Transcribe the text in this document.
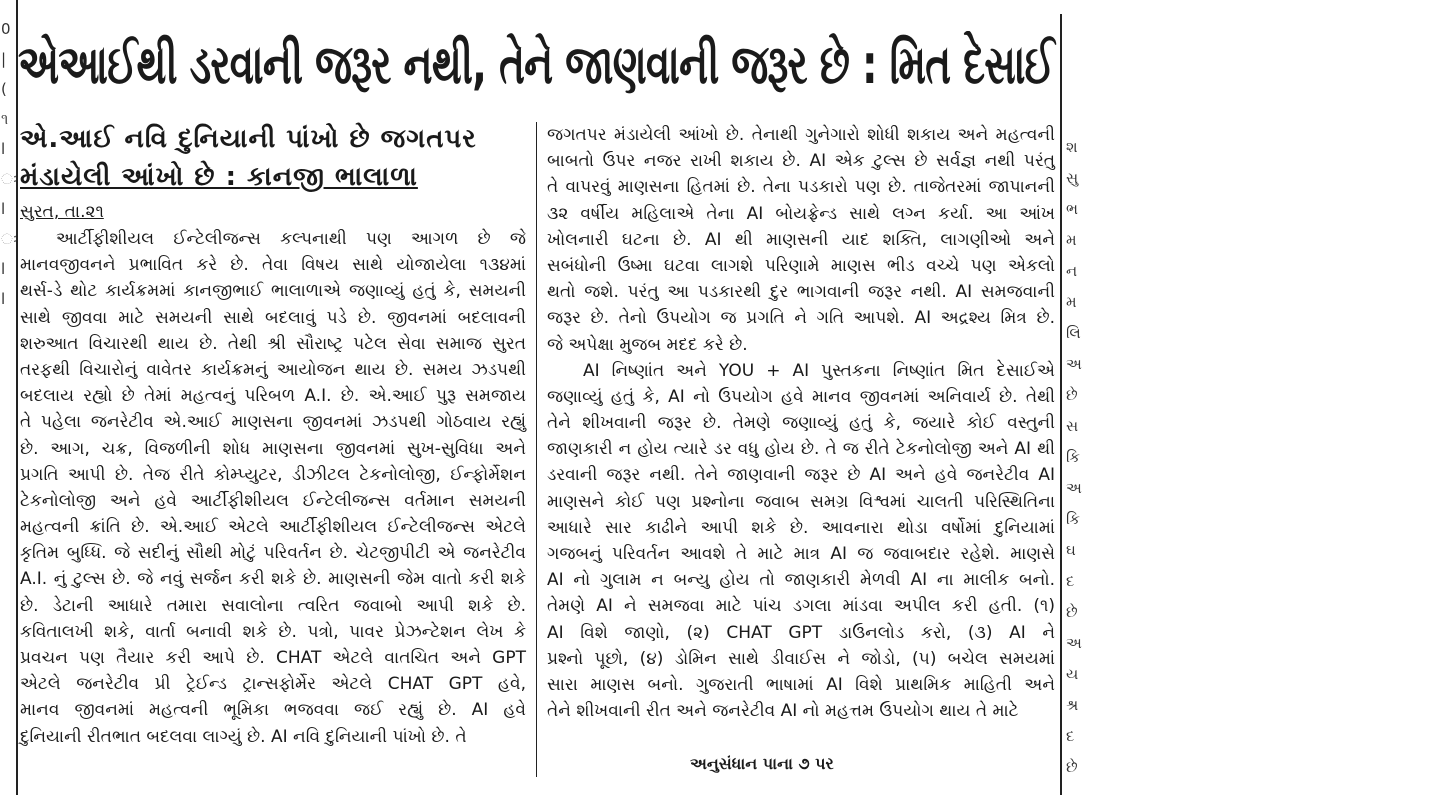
0
|
(
૧
l
ઃ
l
ઃ
l
l
શ
સુ
ભ
મ
ન
મ
લિ
અ
છે
સ
કિ
અ
કિ
ઘ
દ
છે
અ
ય
શ્ર
દ
છે
એઆઈથી ડરવાની જરૂર નથી, તેને જાણવાની જરૂર છે : મિત દેસાઈ
એ.આઈ નવિ દુનિયાની પાંખો છે જગતપર
મંડાયેલી આંખો છે : કાનજી ભાલાળા
સુરત, તા.૨૧
આર્ટીફીશીયલ ઈન્ટેલીજન્સ કલ્પનાથી પણ આગળ છે જે
માનવજીવનને પ્રભાવિત કરે છે. તેવા વિષય સાથે યોજાયેલા ૧૩૪માં
થર્સ-ડે થોટ કાર્યક્રમમાં કાનજીભાઈ ભાલાળાએ જણાવ્યું હતું કે, સમયની
સાથે જીવવા માટે સમયની સાથે બદલાવું પડે છે. જીવનમાં બદલાવની
શરુઆત વિચારથી થાય છે. તેથી શ્રી સૌરાષ્ટ્ર પટેલ સેવા સમાજ સુરત
તરફથી વિચારોનું વાવેતર કાર્યક્રમનું આયોજન થાય છે. સમય ઝડપથી
બદલાય રહ્યો છે તેમાં મહત્વનું પરિબળ A.I. છે. એ.આઈ પુરૂ સમજાય
તે પહેલા જનરેટીવ એ.આઈ માણસના જીવનમાં ઝડપથી ગોઠવાય રહ્યું
છે. આગ, ચક્ર, વિજળીની શોધ માણસના જીવનમાં સુખ-સુવિધા અને
પ્રગતિ આપી છે. તેજ રીતે કોમ્પ્યુટર, ડીઝીટલ ટેકનોલોજી, ઈન્ફોર્મેશન
ટેકનોલોજી અને હવે આર્ટીફીશીયલ ઈન્ટેલીજન્સ વર્તમાન સમયની
મહત્વની ક્રાંતિ છે. એ.આઈ એટલે આર્ટીફીશીયલ ઈન્ટેલીજન્સ એટલે
કૃતિમ બુધ્ધિ. જે સદીનું સૌથી મોટું પરિવર્તન છે. ચેટજીપીટી એ જનરેટીવ
A.I. નું ટુલ્સ છે. જે નવું સર્જન કરી શકે છે. માણસની જેમ વાતો કરી શકે
છે. ડેટાની આધારે તમારા સવાલોના ત્વરિત જવાબો આપી શકે છે.
કવિતાલખી શકે, વાર્તા બનાવી શકે છે. પત્રો, પાવર પ્રેઝન્ટેશન લેખ કે
પ્રવચન પણ તૈયાર કરી આપે છે. CHAT એટલે વાતચિત અને GPT
એટલે જનરેટીવ પ્રી ટ્રેઈન્ડ ટ્રાન્સફોર્મેર એટલે CHAT GPT હવે,
માનવ જીવનમાં મહત્વની ભૂમિકા ભજવવા જઈ રહ્યું છે. AI હવે
દુનિયાની રીતભાત બદલવા લાગ્યું છે. AI નવિ દુનિયાની પાંખો છે. તે
જગતપર મંડાયેલી આંખો છે. તેનાથી ગુનેગારો શોધી શકાય અને મહત્વની
બાબતો ઉપર નજર રાખી શકાય છે. AI એક ટુલ્સ છે સર્વજ્ઞ નથી પરંતુ
તે વાપરવું માણસના હિતમાં છે. તેના પડકારો પણ છે. તાજેતરમાં જાપાનની
૩૨ વર્ષીય મહિલાએ તેના AI બોયફ્રેન્ડ સાથે લગ્ન કર્યા. આ આંખ
ખોલનારી ઘટના છે. AI થી માણસની યાદ શક્તિ, લાગણીઓ અને
સબંધોની ઉષ્મા ઘટવા લાગશે પરિણામે માણસ ભીડ વચ્ચે પણ એકલો
થતો જશે. પરંતુ આ પડકારથી દુર ભાગવાની જરૂર નથી. AI સમજવાની
જરૂર છે. તેનો ઉપયોગ જ પ્રગતિ ને ગતિ આપશે. AI અદ્રશ્ય મિત્ર છે.
જે અપેક્ષા મુજબ મદદ કરે છે.
AI નિષ્ણાંત અને YOU + AI પુસ્તકના નિષ્ણાંત મિત દેસાઈએ
જણાવ્યું હતું કે, AI નો ઉપયોગ હવે માનવ જીવનમાં અનિવાર્ય છે. તેથી
તેને શીખવાની જરૂર છે. તેમણે જણાવ્યું હતું કે, જયારે કોઈ વસ્તુની
જાણકારી ન હોય ત્યારે ડર વધુ હોય છે. તે જ રીતે ટેકનોલોજી અને AI થી
ડરવાની જરૂર નથી. તેને જાણવાની જરૂર છે AI અને હવે જનરેટીવ AI
માણસને કોઈ પણ પ્રશ્નોના જવાબ સમગ્ર વિશ્વમાં ચાલતી પરિસ્થિતિના
આધારે સાર કાઢીને આપી શકે છે. આવનારા થોડા વર્ષોમાં દુનિયામાં
ગજબનું પરિવર્તન આવશે તે માટે માત્ર AI જ જવાબદાર રહેશે. માણસે
AI નો ગુલામ ન બન્યુ હોય તો જાણકારી મેળવી AI ના માલીક બનો.
તેમણે AI ને સમજવા માટે પાંચ ડગલા માંડવા અપીલ કરી હતી. (૧)
AI વિશે જાણો, (૨) CHAT GPT ડાઉનલોડ કરો, (૩) AI ને
પ્રશ્નો પૂછો, (૪) ડોમિન સાથે ડીવાઈસ ને જોડો, (૫) બચેલ સમયમાં
સારા માણસ બનો. ગુજરાતી ભાષામાં AI વિશે પ્રાથમિક માહિતી અને
તેને શીખવાની રીત અને જનરેટીવ AI નો મહત્તમ ઉપયોગ થાય તે માટે
અનુસંધાન પાના ૭ પર
